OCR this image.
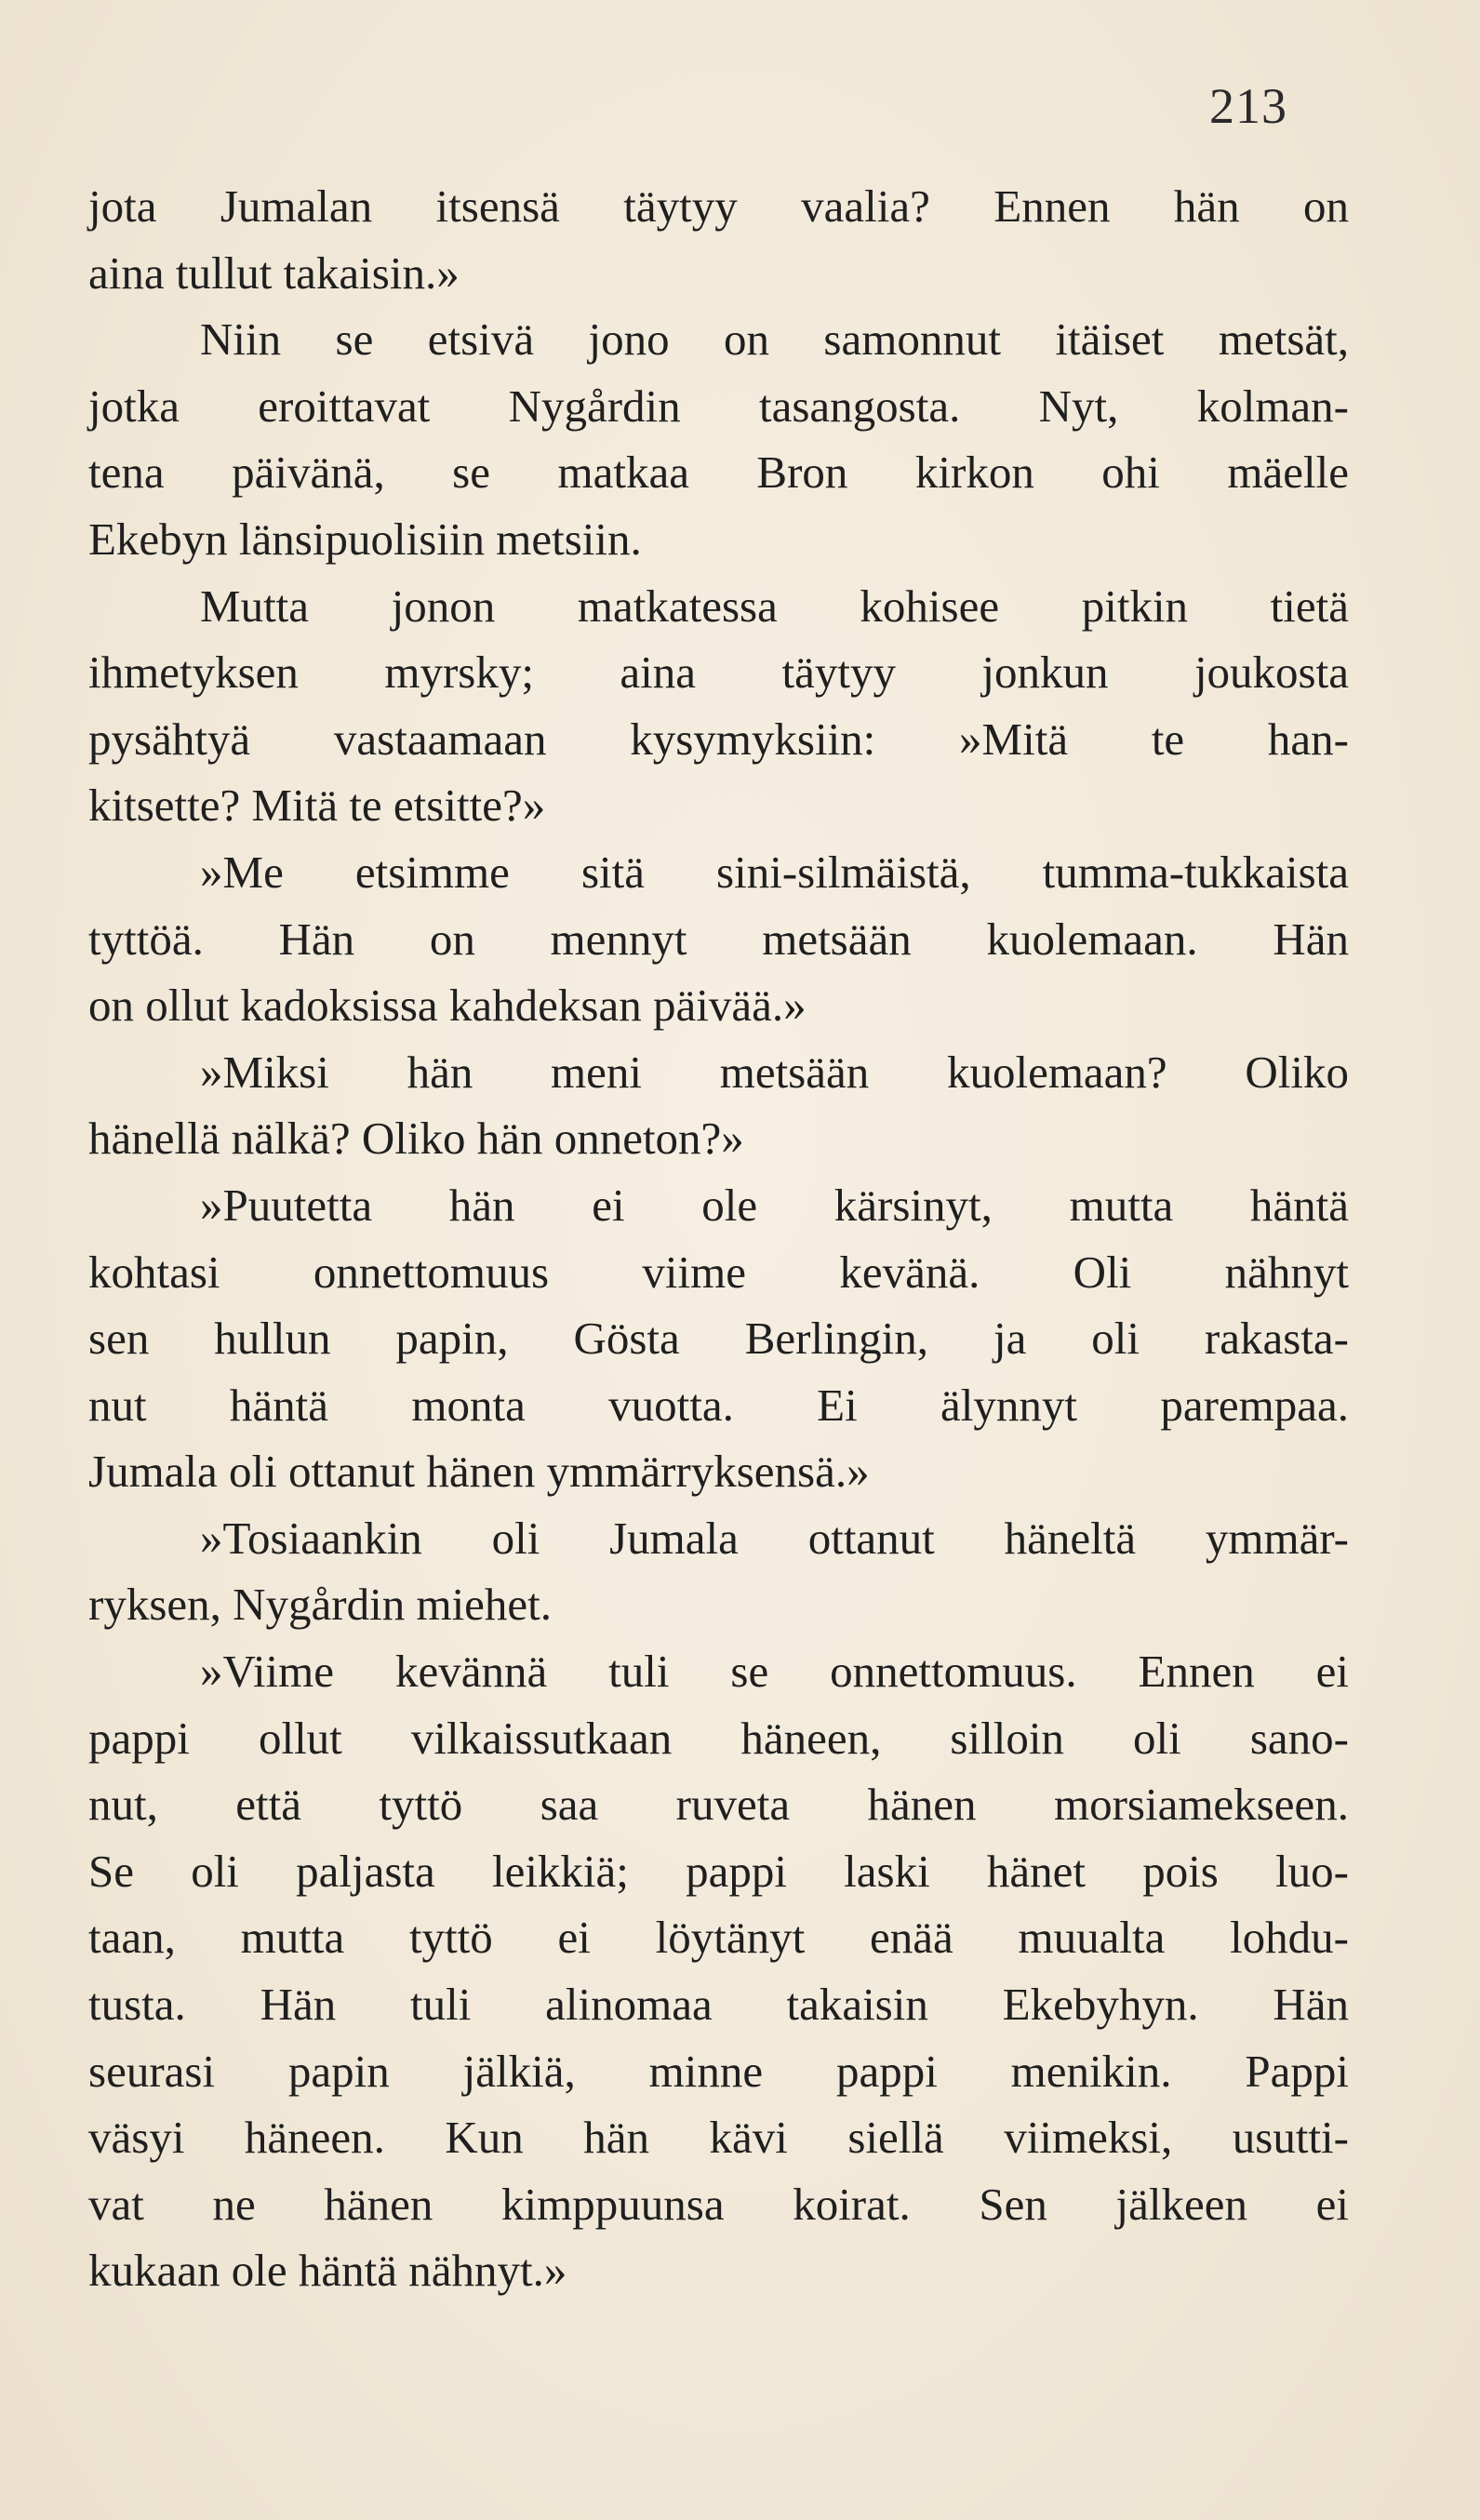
213
jota Jumalan itsensä täytyy vaalia? Ennen hän on
aina tullut takaisin.»
Niin se etsivä jono on samonnut itäiset metsät,
jotka eroittavat Nygårdin tasangosta. Nyt, kolman-
tena päivänä, se matkaa Bron kirkon ohi mäelle
Ekebyn länsipuolisiin metsiin.
Mutta jonon matkatessa kohisee pitkin tietä
ihmetyksen myrsky; aina täytyy jonkun joukosta
pysähtyä vastaamaan kysymyksiin: »Mitä te han-
kitsette? Mitä te etsitte?»
»Me etsimme sitä sini-silmäistä, tumma-tukkaista
tyttöä. Hän on mennyt metsään kuolemaan. Hän
on ollut kadoksissa kahdeksan päivää.»
»Miksi hän meni metsään kuolemaan? Oliko
hänellä nälkä? Oliko hän onneton?»
»Puutetta hän ei ole kärsinyt, mutta häntä
kohtasi onnettomuus viime kevänä. Oli nähnyt
sen hullun papin, Gösta Berlingin, ja oli rakasta-
nut häntä monta vuotta. Ei älynnyt parempaa.
Jumala oli ottanut hänen ymmärryksensä.»
»Tosiaankin oli Jumala ottanut häneltä ymmär-
ryksen, Nygårdin miehet.
»Viime kevännä tuli se onnettomuus. Ennen ei
pappi ollut vilkaissutkaan häneen, silloin oli sano-
nut, että tyttö saa ruveta hänen morsiamekseen.
Se oli paljasta leikkiä; pappi laski hänet pois luo-
taan, mutta tyttö ei löytänyt enää muualta lohdu-
tusta. Hän tuli alinomaa takaisin Ekebyhyn. Hän
seurasi papin jälkiä, minne pappi menikin. Pappi
väsyi häneen. Kun hän kävi siellä viimeksi, usutti-
vat ne hänen kimppuunsa koirat. Sen jälkeen ei
kukaan ole häntä nähnyt.»
